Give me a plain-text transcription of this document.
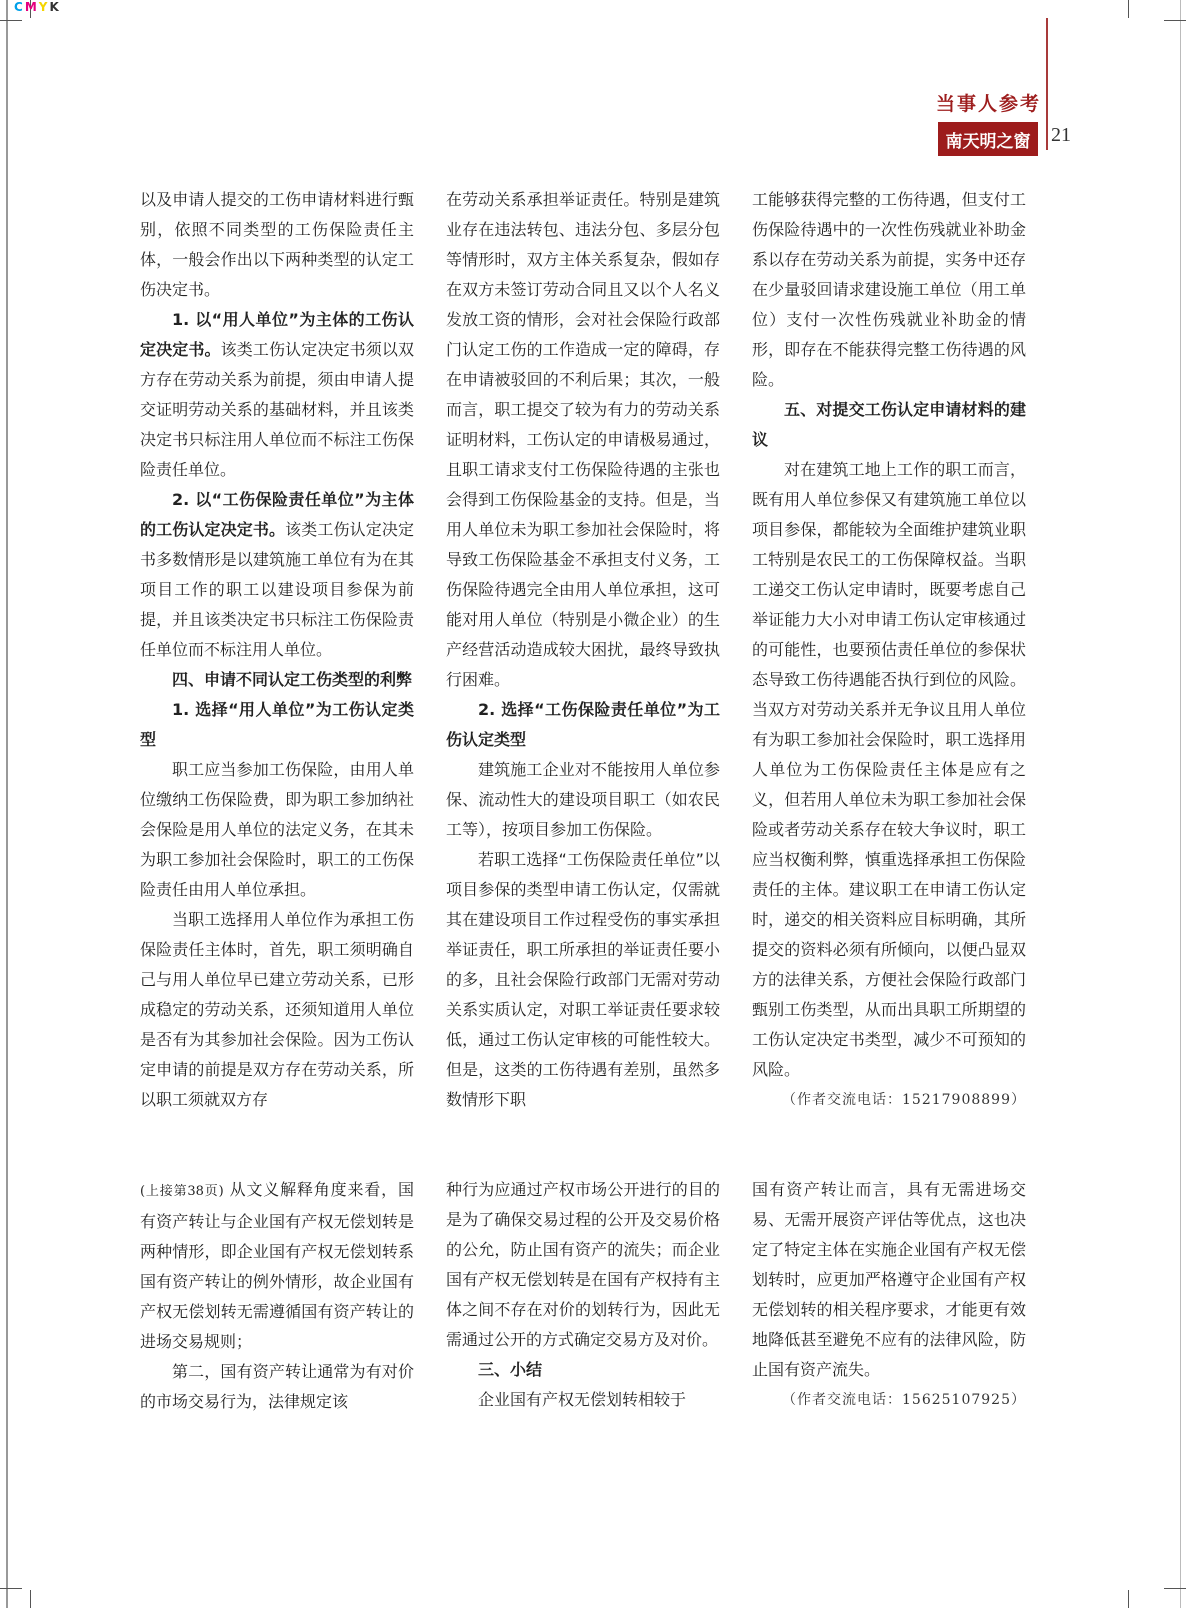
CMYK
当事人参考
南天明之窗	21

以及申请人提交的工伤申请材料进行甄别，依照不同类型的工伤保险责任主体，一般会作出以下两种类型的认定工伤决定书。

1. 以“用人单位”为主体的工伤认定决定书。该类工伤认定决定书须以双方存在劳动关系为前提，须由申请人提交证明劳动关系的基础材料，并且该类决定书只标注用人单位而不标注工伤保险责任单位。

2. 以“工伤保险责任单位”为主体的工伤认定决定书。该类工伤认定决定书多数情形是以建筑施工单位有为在其项目工作的职工以建设项目参保为前提，并且该类决定书只标注工伤保险责任单位而不标注用人单位。

四、申请不同认定工伤类型的利弊

1. 选择“用人单位”为工伤认定类型

职工应当参加工伤保险，由用人单位缴纳工伤保险费，即为职工参加纳社会保险是用人单位的法定义务，在其未为职工参加社会保险时，职工的工伤保险责任由用人单位承担。

当职工选择用人单位作为承担工伤保险责任主体时，首先，职工须明确自己与用人单位早已建立劳动关系，已形成稳定的劳动关系，还须知道用人单位是否有为其参加社会保险。因为工伤认定申请的前提是双方存在劳动关系，所以职工须就双方存

在劳动关系承担举证责任。特别是建筑业存在违法转包、违法分包、多层分包等情形时，双方主体关系复杂，假如存在双方未签订劳动合同且又以个人名义发放工资的情形，会对社会保险行政部门认定工伤的工作造成一定的障碍，存在申请被驳回的不利后果；其次，一般而言，职工提交了较为有力的劳动关系证明材料，工伤认定的申请极易通过，且职工请求支付工伤保险待遇的主张也会得到工伤保险基金的支持。但是，当用人单位未为职工参加社会保险时，将导致工伤保险基金不承担支付义务，工伤保险待遇完全由用人单位承担，这可能对用人单位（特别是小微企业）的生产经营活动造成较大困扰，最终导致执行困难。

2. 选择“工伤保险责任单位”为工伤认定类型

建筑施工企业对不能按用人单位参保、流动性大的建设项目职工（如农民工等），按项目参加工伤保险。

若职工选择“工伤保险责任单位”以项目参保的类型申请工伤认定，仅需就其在建设项目工作过程受伤的事实承担举证责任，职工所承担的举证责任要小的多，且社会保险行政部门无需对劳动关系实质认定，对职工举证责任要求较低，通过工伤认定审核的可能性较大。但是，这类的工伤待遇有差别，虽然多数情形下职

工能够获得完整的工伤待遇，但支付工伤保险待遇中的一次性伤残就业补助金系以存在劳动关系为前提，实务中还存在少量驳回请求建设施工单位（用工单位）支付一次性伤残就业补助金的情形，即存在不能获得完整工伤待遇的风险。

五、对提交工伤认定申请材料的建议

对在建筑工地上工作的职工而言，既有用人单位参保又有建筑施工单位以项目参保，都能较为全面维护建筑业职工特别是农民工的工伤保障权益。当职工递交工伤认定申请时，既要考虑自己举证能力大小对申请工伤认定审核通过的可能性，也要预估责任单位的参保状态导致工伤待遇能否执行到位的风险。当双方对劳动关系并无争议且用人单位有为职工参加社会保险时，职工选择用人单位为工伤保险责任主体是应有之义，但若用人单位未为职工参加社会保险或者劳动关系存在较大争议时，职工应当权衡利弊，慎重选择承担工伤保险责任的主体。建议职工在申请工伤认定时，递交的相关资料应目标明确，其所提交的资料必须有所倾向，以便凸显双方的法律关系，方便社会保险行政部门甄别工伤类型，从而出具职工所期望的工伤认定决定书类型，减少不可预知的风险。

（作者交流电话：15217908899）

(上接第38页) 从文义解释角度来看，国有资产转让与企业国有产权无偿划转是两种情形，即企业国有产权无偿划转系国有资产转让的例外情形，故企业国有产权无偿划转无需遵循国有资产转让的进场交易规则；

第二，国有资产转让通常为有对价的市场交易行为，法律规定该

种行为应通过产权市场公开进行的目的是为了确保交易过程的公开及交易价格的公允，防止国有资产的流失；而企业国有产权无偿划转是在国有产权持有主体之间不存在对价的划转行为，因此无需通过公开的方式确定交易方及对价。

三、小结

企业国有产权无偿划转相较于

国有资产转让而言，具有无需进场交易、无需开展资产评估等优点，这也决定了特定主体在实施企业国有产权无偿划转时，应更加严格遵守企业国有产权无偿划转的相关程序要求，才能更有效地降低甚至避免不应有的法律风险，防止国有资产流失。

（作者交流电话：15625107925）
